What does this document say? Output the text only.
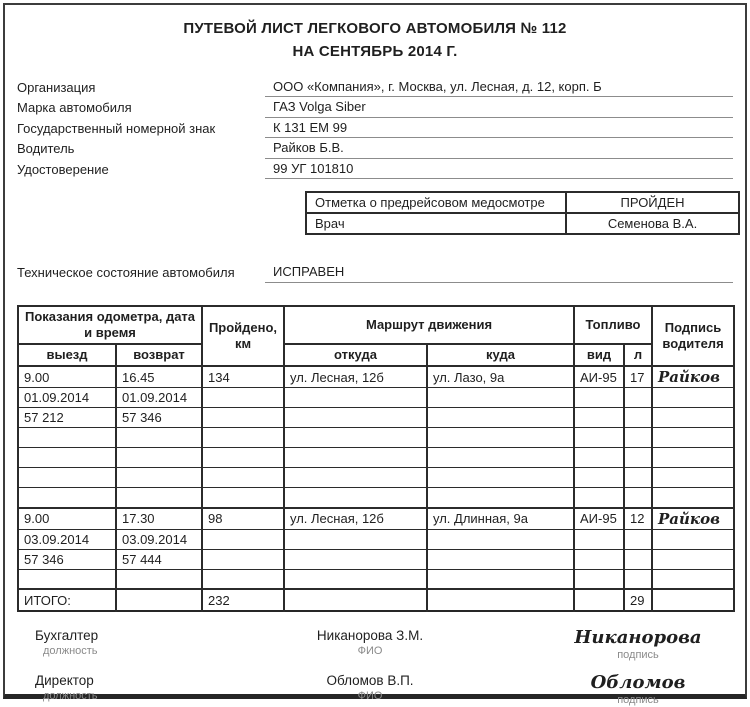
ПУТЕВОЙ ЛИСТ ЛЕГКОВОГО АВТОМОБИЛЯ № 112
НА СЕНТЯБРЬ 2014 Г.
Организация	ООО «Компания», г. Москва, ул. Лесная, д. 12, корп. Б
Марка автомобиля	ГАЗ Volga Siber
Государственный номерной знак	К 131 ЕМ 99
Водитель	Райков Б.В.
Удостоверение	99 УГ 101810
Отметка о предрейсовом медосмотре	ПРОЙДЕН
Врач	Семенова В.А.
Техническое состояние автомобиля	ИСПРАВЕН
Показания одометра, дата и время		Пройдено, км	Маршрут движения		Топливо		Подпись водителя
выезд	возврат		откуда	куда	вид	л	
9.00	16.45	134	ул. Лесная, 12б	ул. Лазо, 9а	АИ-95	17	Райков
01.09.2014	01.09.2014						
57 212	57 346						

9.00	17.30	98	ул. Лесная, 12б	ул. Длинная, 9а	АИ-95	12	Райков
03.09.2014	03.09.2014						
57 346	57 444						

ИТОГО:		232				29	
Бухгалтер
должность
Никанорова З.М.
ФИО
Никанорова
подпись
Директор
должность
Обломов В.П.
ФИО
Обломов
подпись
